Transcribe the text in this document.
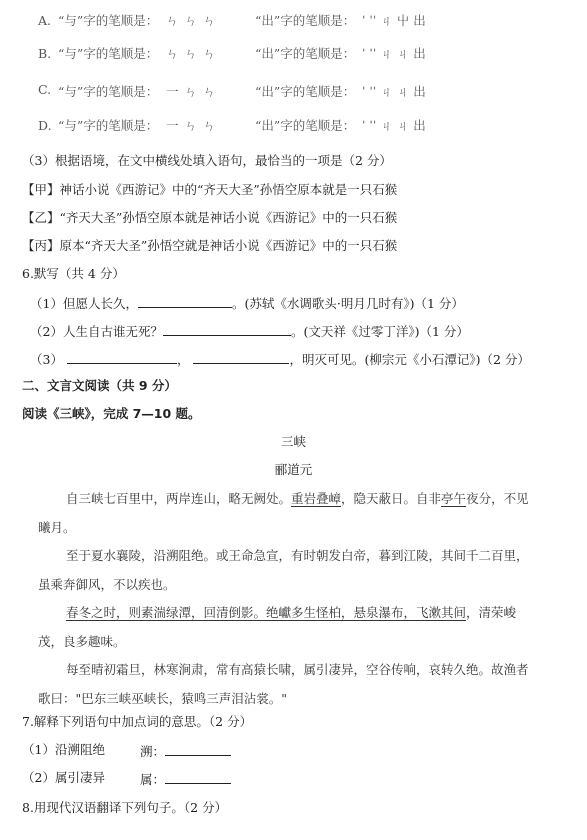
A. “与”字的笔顺是： ㄣ ㄣ ㄣ	“出”字的笔顺是： ˈ ˈˈ ㄐ 屮 出
B. “与”字的笔顺是： ㄣ ㄣ ㄣ	“出”字的笔顺是： ˈ ˈˈ ㄐ ㄐ 出
C. “与”字的笔顺是： 一 ㄣ ㄣ	“出”字的笔顺是： ˈ ˈˈ ㄐ ㄐ 出
D. “与”字的笔顺是： 一 ㄣ ㄣ	“出”字的笔顺是： ˈ ˈˈ ㄐ ㄐ 出
（3）根据语境，在文中横线处填入语句，最恰当的一项是（2 分）
【甲】神话小说《西游记》中的“齐天大圣”孙悟空原本就是一只石猴
【乙】“齐天大圣”孙悟空原本就是神话小说《西游记》中的一只石猴
【丙】原本“齐天大圣”孙悟空就是神话小说《西游记》中的一只石猴
6.默写（共 4 分）
（1）但愿人长久，	。(苏轼《水调歌头·明月几时有》)（1 分）
（2）人生自古谁无死？	。(文天祥《过零丁洋》)（1 分）
（3）	，	，明灭可见。(柳宗元《小石潭记》)（2 分）
二、文言文阅读（共 9 分）
阅读《三峡》，完成 7—10 题。
三峡
郦道元
自三峡七百里中，两岸连山，略无阙处。重岩叠嶂，隐天蔽日。自非亭午夜分，不见曦月。
至于夏水襄陵，沿溯阻绝。或王命急宣，有时朝发白帝，暮到江陵，其间千二百里，虽乘奔御风，不以疾也。
春冬之时，则素湍绿潭，回清倒影。绝巘多生怪柏，悬泉瀑布，飞漱其间，清荣峻茂，良多趣味。
每至晴初霜旦，林寒涧肃，常有高猿长啸，属引凄异，空谷传响，哀转久绝。故渔者歌曰："巴东三峡巫峡长，猿鸣三声泪沾裳。"
7.解释下列语句中加点词的意思。（2 分）
（1）沿溯阻绝	溯：
（2）属引凄异	属：
8.用现代汉语翻译下列句子。（2 分）
